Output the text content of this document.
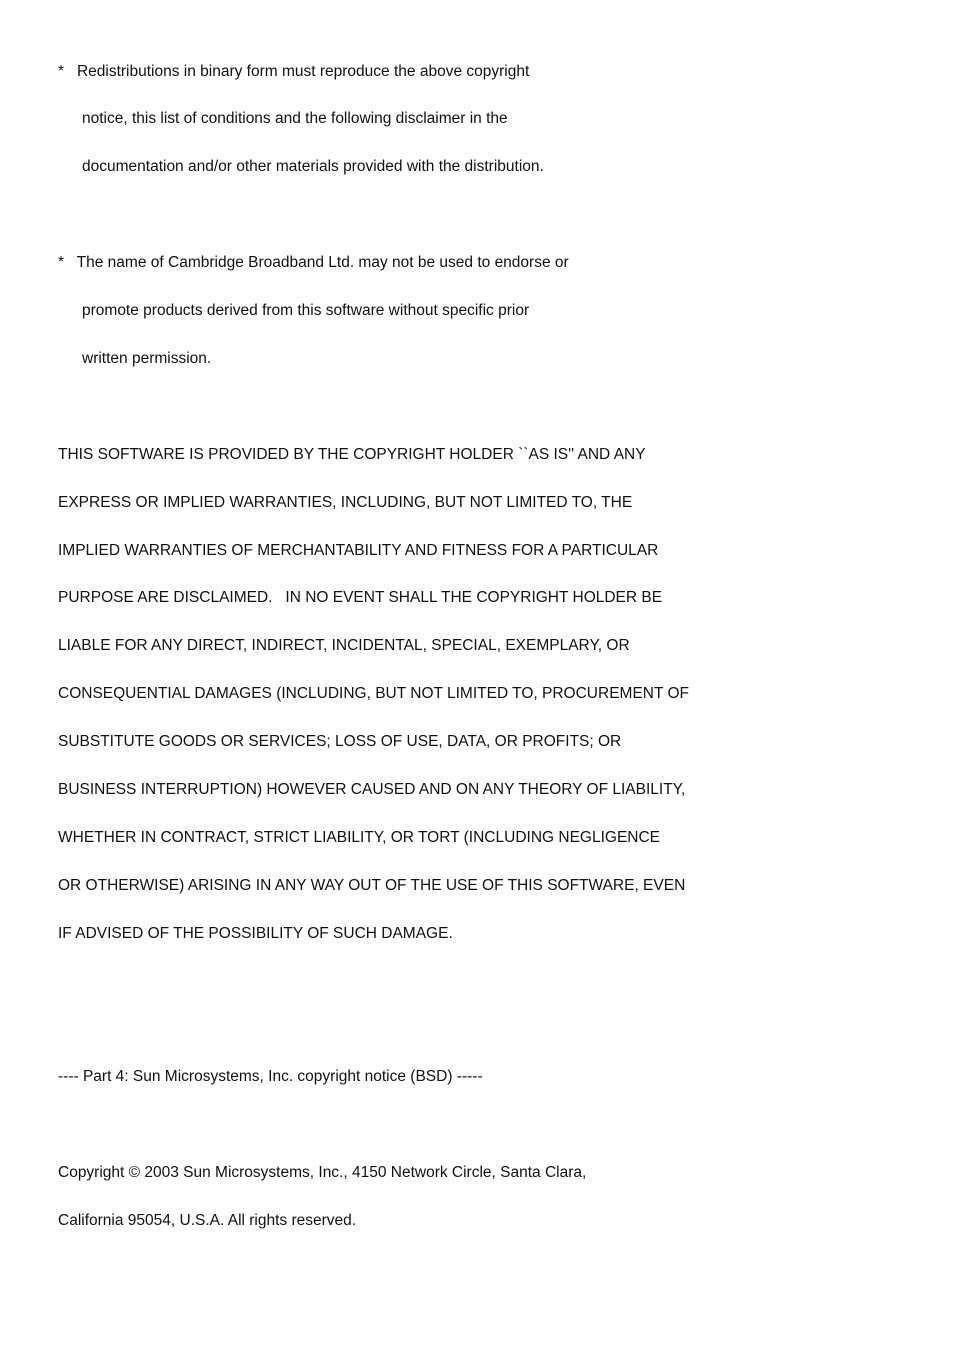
*   Redistributions in binary form must reproduce the above copyright
notice, this list of conditions and the following disclaimer in the
documentation and/or other materials provided with the distribution.
*   The name of Cambridge Broadband Ltd. may not be used to endorse or
promote products derived from this software without specific prior
written permission.
THIS SOFTWARE IS PROVIDED BY THE COPYRIGHT HOLDER ``AS IS'' AND ANY
EXPRESS OR IMPLIED WARRANTIES, INCLUDING, BUT NOT LIMITED TO, THE
IMPLIED WARRANTIES OF MERCHANTABILITY AND FITNESS FOR A PARTICULAR
PURPOSE ARE DISCLAIMED.   IN NO EVENT SHALL THE COPYRIGHT HOLDER BE
LIABLE FOR ANY DIRECT, INDIRECT, INCIDENTAL, SPECIAL, EXEMPLARY, OR
CONSEQUENTIAL DAMAGES (INCLUDING, BUT NOT LIMITED TO, PROCUREMENT OF
SUBSTITUTE GOODS OR SERVICES; LOSS OF USE, DATA, OR PROFITS; OR
BUSINESS INTERRUPTION) HOWEVER CAUSED AND ON ANY THEORY OF LIABILITY,
WHETHER IN CONTRACT, STRICT LIABILITY, OR TORT (INCLUDING NEGLIGENCE
OR OTHERWISE) ARISING IN ANY WAY OUT OF THE USE OF THIS SOFTWARE, EVEN
IF ADVISED OF THE POSSIBILITY OF SUCH DAMAGE.
---- Part 4: Sun Microsystems, Inc. copyright notice (BSD) -----
Copyright © 2003 Sun Microsystems, Inc., 4150 Network Circle, Santa Clara,
California 95054, U.S.A. All rights reserved.
